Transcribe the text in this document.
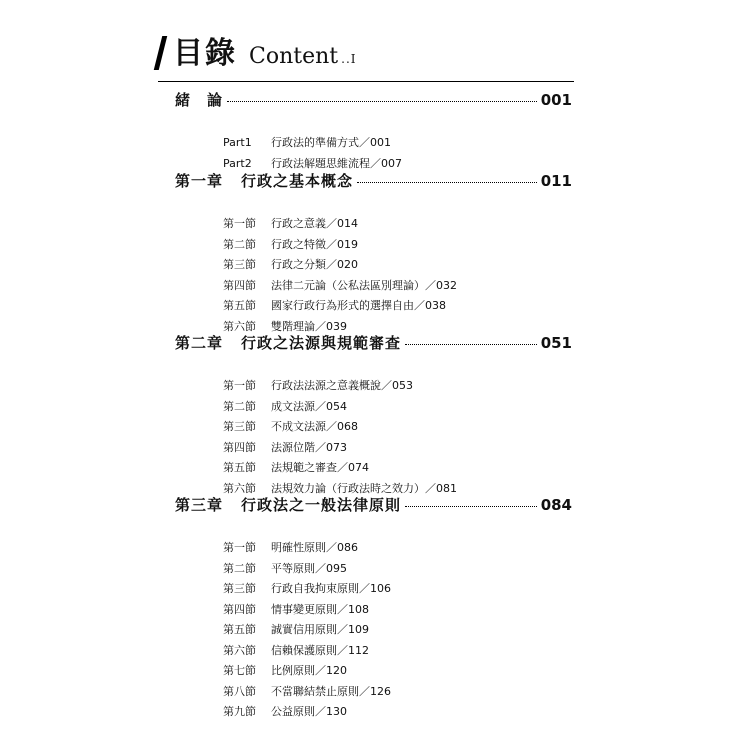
目錄 Content ..I
緒　論	001

Part1 行政法的準備方式／001

Part2 行政法解題思維流程／007

第一章 行政之基本概念	011

第一節 行政之意義／014

第二節 行政之特徵／019

第三節 行政之分類／020

第四節 法律二元論（公私法區別理論）／032

第五節 國家行政行為形式的選擇自由／038

第六節 雙階理論／039

第二章 行政之法源與規範審查	051

第一節 行政法法源之意義概說／053

第二節 成文法源／054

第三節 不成文法源／068

第四節 法源位階／073

第五節 法規範之審查／074

第六節 法規效力論（行政法時之效力）／081

第三章 行政法之一般法律原則	084

第一節 明確性原則／086

第二節 平等原則／095

第三節 行政自我拘束原則／106

第四節 情事變更原則／108

第五節 誠實信用原則／109

第六節 信賴保護原則／112

第七節 比例原則／120

第八節 不當聯結禁止原則／126

第九節 公益原則／130
